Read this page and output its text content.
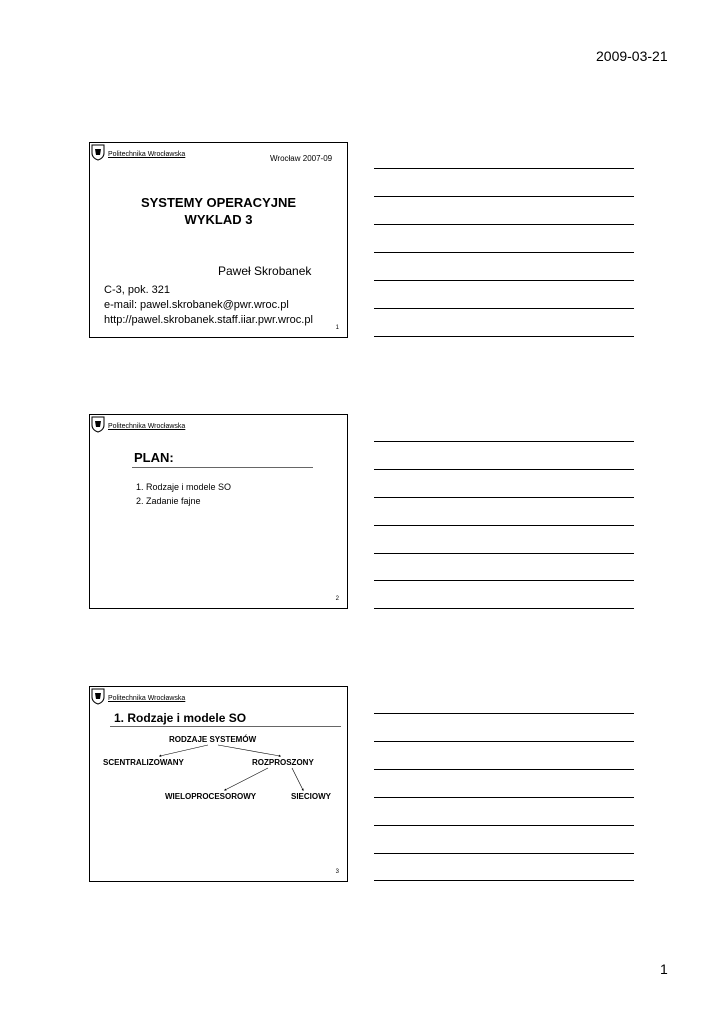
2009-03-21
Politechnika Wrocławska	Wrocław 2007-09
SYSTEMY OPERACYJNE
WYKLAD 3
Paweł Skrobanek
C-3, pok. 321
e-mail: pawel.skrobanek@pwr.wroc.pl
http://pawel.skrobanek.staff.iiar.pwr.wroc.pl
1
Politechnika Wrocławska
PLAN:
1. Rodzaje i modele SO
2. Zadanie fajne
2
Politechnika Wrocławska
1. Rodzaje i modele SO
RODZAJE SYSTEMÓW
SCENTRALIZOWANY	ROZPROSZONY
WIELOPROCESOROWY	SIECIOWY
3
1
